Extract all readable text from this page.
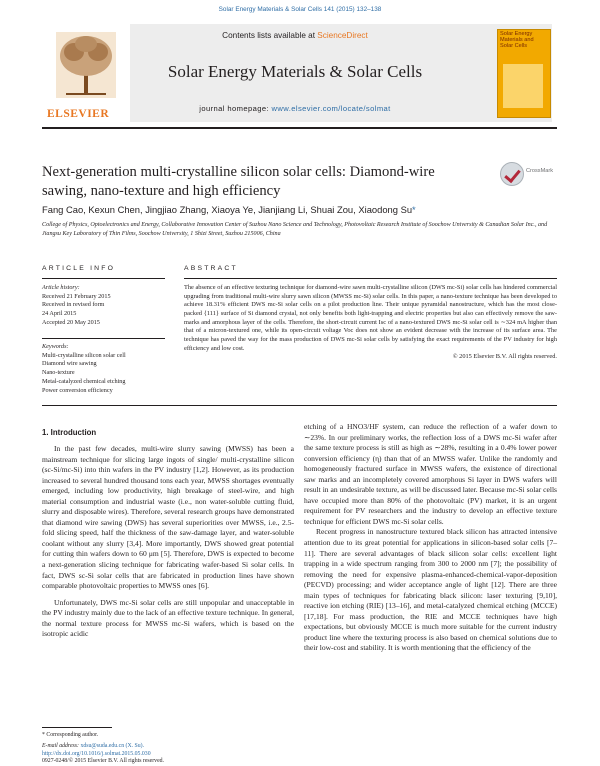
Solar Energy Materials & Solar Cells 141 (2015) 132–138
ELSEVIER
Contents lists available at ScienceDirect
Solar Energy Materials & Solar Cells
journal homepage: www.elsevier.com/locate/solmat
Solar Energy Materials and Solar Cells
Next-generation multi-crystalline silicon solar cells: Diamond-wire sawing, nano-texture and high efficiency
CrossMark
Fang Cao, Kexun Chen, Jingjiao Zhang, Xiaoya Ye, Jianjiang Li, Shuai Zou, Xiaodong Su*
College of Physics, Optoelectronics and Energy, Collaborative Innovation Center of Suzhou Nano Science and Technology, Photovoltaic Research Institute of Soochow University & Canadian Solar Inc., and Jiangsu Key Laboratory of Thin Films, Soochow University, 1 Shizi Street, Suzhou 215006, China
ARTICLE INFO	ABSTRACT
Article history:
Received 21 February 2015
Received in revised form
24 April 2015
Accepted 20 May 2015
Keywords:
Multi-crystalline silicon solar cell
Diamond wire sawing
Nano-texture
Metal-catalyzed chemical etching
Power conversion efficiency
The absence of an effective texturing technique for diamond-wire sawn multi-crystalline silicon (DWS mc-Si) solar cells has hindered commercial upgrading from traditional multi-wire slurry sawn silicon (MWSS mc-Si) solar cells. In this paper, a nano-texture technique has been developed to achieve 18.31% efficient DWS mc-Si solar cells on a pilot production line. Their unique pyramidal nanostructure, which has the most close-packed {111} surface of Si diamond crystal, not only benefits both light-trapping and electric properties but also can effectively remove the saw-marks and amorphous layer of the cells. Therefore, the short-circuit current Isc of a nano-textured DWS mc-Si solar cell is ∼324 mA higher than that of a micron-textured one, while its open-circuit voltage Voc does not show an evident decrease with the increase of its surface area. The technique has paved the way for the mass production of DWS mc-Si solar cells by satisfying the exact requirements of the PV industry for high efficiency and low cost.
© 2015 Elsevier B.V. All rights reserved.
1. Introduction

In the past few decades, multi-wire slurry sawing (MWSS) has been a mainstream technique for slicing large ingots of single/ multi-crystalline silicon (sc-Si/mc-Si) into thin wafers in the PV industry [1,2]. However, as its production increased to several hundred thousand tons each year, MWSS shortages eventually emerged, including low productivity, high breakage of steel-wire, and high material consumption and industrial waste (i.e., non water-soluble cutting fluid, slurry and disposable wires). Therefore, several research groups have demonstrated that diamond wire sawing (DWS) has several superiorities over MWSS, i.e., 2.5-fold slicing speed, half the thickness of the saw-damage layer, and water-soluble coolant without any slurry [3,4]. More importantly, DWS showed great potential for cutting thin wafers down to 60 μm [5]. Therefore, DWS is expected to become a next-generation slicing technique for fabricating wafer-based Si solar cells. In fact, DWS sc-Si solar cells that are fabricated in production lines have shown comparable photovoltaic properties to MWSS ones [6].

Unfortunately, DWS mc-Si solar cells are still unpopular and unacceptable in the PV industry mainly due to the lack of an effective texture technique. In general, the normal texture process for MWSS mc-Si wafers, which is based on the isotropic acidic

etching of a HNO3/HF system, can reduce the reflection of a wafer down to ∼23%. In our preliminary works, the reflection loss of a DWS mc-Si wafer after the same texture process is still as high as ∼28%, resulting in a 0.4% lower power conversion efficiency (η) than that of an MWSS wafer. Unlike the randomly and homogeneously fractured surface in MWSS wafers, the existence of directional saw marks and an incompletely covered amorphous Si layer in DWS wafers will result in an undesirable texture, as will be discussed later. Because mc-Si solar cells have occupied more than 80% of the photovoltaic (PV) market, it is an urgent requirement for PV researchers and the industry to develop an effective texture technique for efficient DWS mc-Si solar cells.

Recent progress in nanostructure textured black silicon has attracted intensive attention due to its great potential for applications in silicon-based solar cells [7–11]. There are several advantages of black silicon solar cells: excellent light trapping in a wide spectrum ranging from 300 to 2000 nm [7]; the possibility of removing the need for expensive plasma-enhanced-chemical-vapor-deposition (PECVD) processing; and wider acceptance angle of light [12]. There are three main types of techniques for fabricating black silicon: laser texturing [9,10], reactive ion etching (RIE) [13–16], and metal-catalyzed chemical etching (MCCE) [17,18]. For mass production, the RIE and MCCE techniques have high expectations, but obviously MCCE is much more suitable for the current industry product line where the texturing process is also based on chemical solutions due to their low-cost and stability. It is worth mentioning that the efficiency of the

* Corresponding author.
E-mail address: xdsu@suda.edu.cn (X. Su).
http://dx.doi.org/10.1016/j.solmat.2015.05.030
0927-0248/© 2015 Elsevier B.V. All rights reserved.
